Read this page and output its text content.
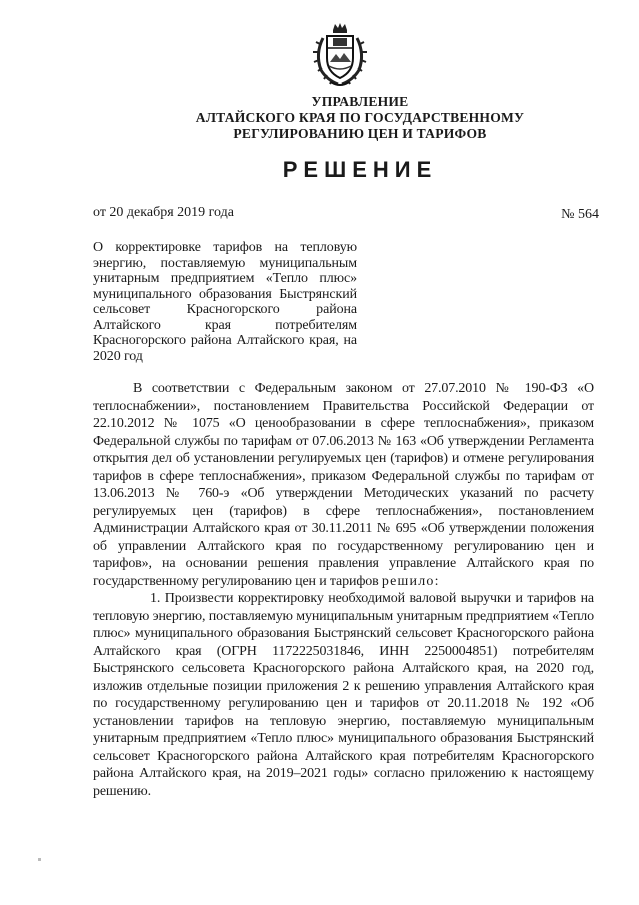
УПРАВЛЕНИЕ
АЛТАЙСКОГО КРАЯ ПО ГОСУДАРСТВЕННОМУ
РЕГУЛИРОВАНИЮ ЦЕН И ТАРИФОВ
РЕШЕНИЕ
от 20 декабря 2019 года	№ 564
О корректировке тарифов на тепловую энергию, поставляемую муниципальным унитарным предприятием «Тепло плюс» муниципального образования Быстрянский сельсовет Красногорского района Алтайского края потребителям Красногорского района Алтайского края, на 2020 год

В соответствии с Федеральным законом от 27.07.2010 № 190-ФЗ «О теплоснабжении», постановлением Правительства Российской Федерации от 22.10.2012 № 1075 «О ценообразовании в сфере теплоснабжения», приказом Федеральной службы по тарифам от 07.06.2013 № 163 «Об утверждении Регламента открытия дел об установлении регулируемых цен (тарифов) и отмене регулирования тарифов в сфере теплоснабжения», приказом Федеральной службы по тарифам от 13.06.2013 № 760-э «Об утверждении Методических указаний по расчету регулируемых цен (тарифов) в сфере теплоснабжения», постановлением Администрации Алтайского края от 30.11.2011 № 695 «Об утверждении положения об управлении Алтайского края по государственному регулированию цен и тарифов», на основании решения правления управление Алтайского края по государственному регулированию цен и тарифов решило:

1. Произвести корректировку необходимой валовой выручки и тарифов на тепловую энергию, поставляемую муниципальным унитарным предприятием «Тепло плюс» муниципального образования Быстрянский сельсовет Красногорского района Алтайского края (ОГРН 1172225031846, ИНН 2250004851) потребителям Быстрянского сельсовета Красногорского района Алтайского края, на 2020 год, изложив отдельные позиции приложения 2 к решению управления Алтайского края по государственному регулированию цен и тарифов от 20.11.2018 № 192 «Об установлении тарифов на тепловую энергию, поставляемую муниципальным унитарным предприятием «Тепло плюс» муниципального образования Быстрянский сельсовет Красногорского района Алтайского края потребителям Красногорского района Алтайского края, на 2019–2021 годы» согласно приложению к настоящему решению.
